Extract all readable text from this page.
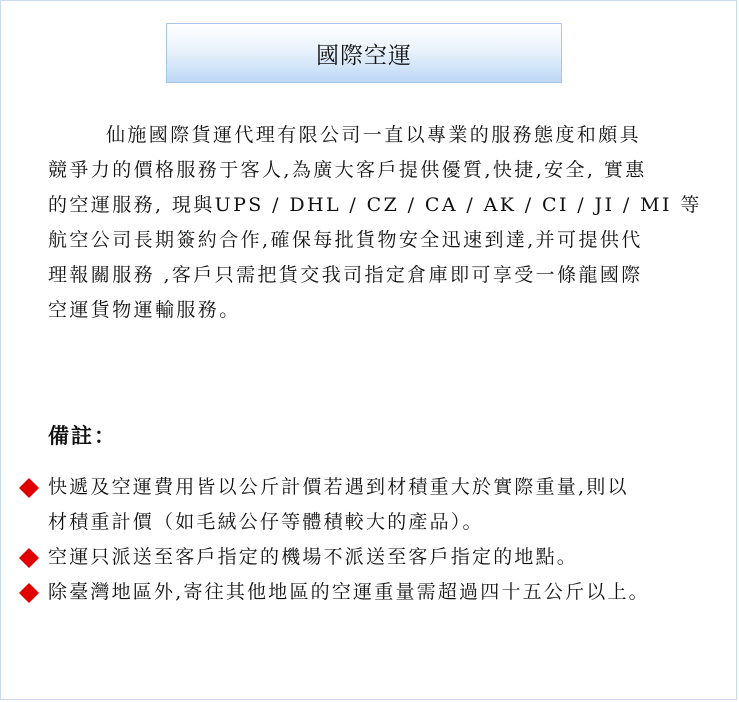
國際空運

仙施國際貨運代理有限公司一直以專業的服務態度和頗具
競爭力的價格服務于客人,為廣大客戶提供優質,快捷,安全, 實惠
的空運服務, 現與UPS / DHL / CZ / CA / AK / CI / JI / MI 等
航空公司長期簽約合作,確保每批貨物安全迅速到達,并可提供代
理報關服務 ,客戶只需把貨交我司指定倉庫即可享受一條龍國際
空運貨物運輸服務。

備註：
快遞及空運費用皆以公斤計價若遇到材積重大於實際重量,則以
材積重計價（如毛絨公仔等體積較大的產品）。
空運只派送至客戶指定的機場不派送至客戶指定的地點。
除臺灣地區外,寄往其他地區的空運重量需超過四十五公斤以上。
